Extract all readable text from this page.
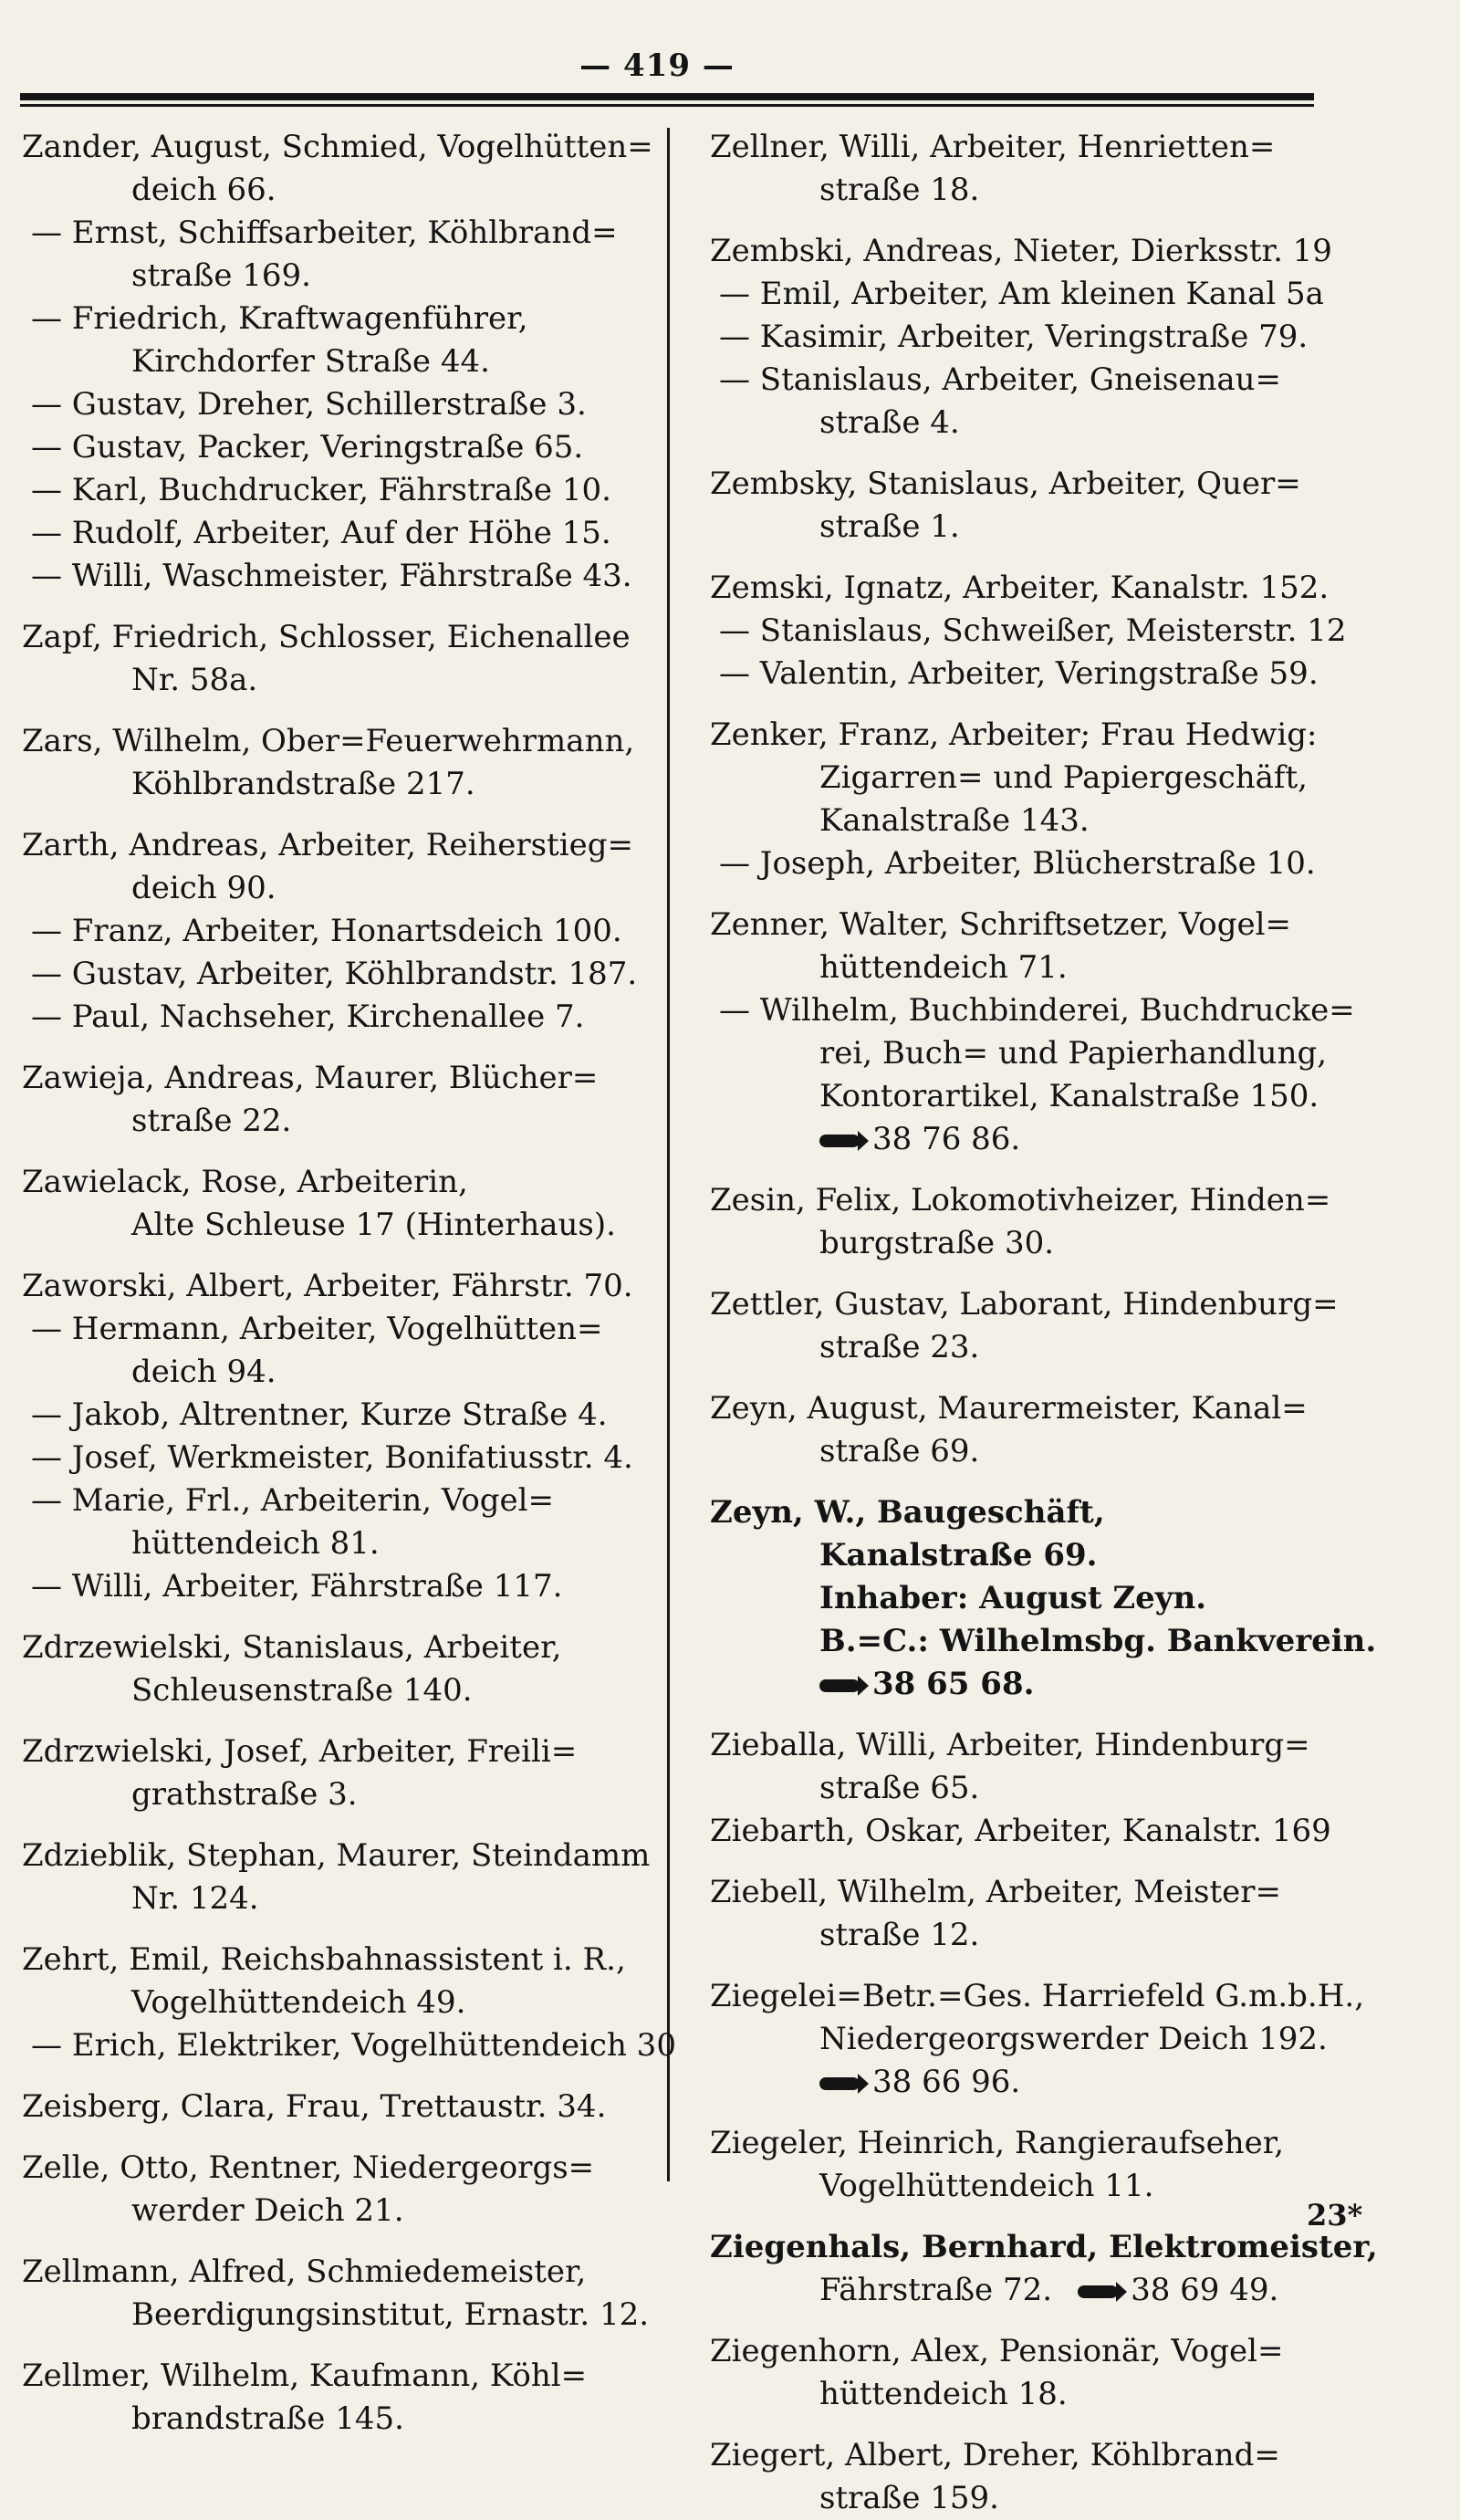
— 419 —
Zander, August, Schmied, Vogelhütten=
deich 66.
— Ernst, Schiffsarbeiter, Köhlbrand=
straße 169.
— Friedrich, Kraftwagenführer,
Kirchdorfer Straße 44.
— Gustav, Dreher, Schillerstraße 3.
— Gustav, Packer, Veringstraße 65.
— Karl, Buchdrucker, Fährstraße 10.
— Rudolf, Arbeiter, Auf der Höhe 15.
— Willi, Waschmeister, Fährstraße 43.
Zapf, Friedrich, Schlosser, Eichenallee
Nr. 58a.
Zars, Wilhelm, Ober=Feuerwehrmann,
Köhlbrandstraße 217.
Zarth, Andreas, Arbeiter, Reiherstieg=
deich 90.
— Franz, Arbeiter, Honartsdeich 100.
— Gustav, Arbeiter, Köhlbrandstr. 187.
— Paul, Nachseher, Kirchenallee 7.
Zawieja, Andreas, Maurer, Blücher=
straße 22.
Zawielack, Rose, Arbeiterin,
Alte Schleuse 17 (Hinterhaus).
Zaworski, Albert, Arbeiter, Fährstr. 70.
— Hermann, Arbeiter, Vogelhütten=
deich 94.
— Jakob, Altrentner, Kurze Straße 4.
— Josef, Werkmeister, Bonifatiusstr. 4.
— Marie, Frl., Arbeiterin, Vogel=
hüttendeich 81.
— Willi, Arbeiter, Fährstraße 117.
Zdrzewielski, Stanislaus, Arbeiter,
Schleusenstraße 140.
Zdrzwielski, Josef, Arbeiter, Freili=
grathstraße 3.
Zdzieblik, Stephan, Maurer, Steindamm
Nr. 124.
Zehrt, Emil, Reichsbahnassistent i. R.,
Vogelhüttendeich 49.
— Erich, Elektriker, Vogelhüttendeich 30
Zeisberg, Clara, Frau, Trettaustr. 34.
Zelle, Otto, Rentner, Niedergeorgs=
werder Deich 21.
Zellmann, Alfred, Schmiedemeister,
Beerdigungsinstitut, Ernastr. 12.
Zellmer, Wilhelm, Kaufmann, Köhl=
brandstraße 145.
Zellner, Willi, Arbeiter, Henrietten=
straße 18.
Zembski, Andreas, Nieter, Dierksstr. 19
— Emil, Arbeiter, Am kleinen Kanal 5a
— Kasimir, Arbeiter, Veringstraße 79.
— Stanislaus, Arbeiter, Gneisenau=
straße 4.
Zembsky, Stanislaus, Arbeiter, Quer=
straße 1.
Zemski, Ignatz, Arbeiter, Kanalstr. 152.
— Stanislaus, Schweißer, Meisterstr. 12
— Valentin, Arbeiter, Veringstraße 59.
Zenker, Franz, Arbeiter; Frau Hedwig:
Zigarren= und Papiergeschäft,
Kanalstraße 143.
— Joseph, Arbeiter, Blücherstraße 10.
Zenner, Walter, Schriftsetzer, Vogel=
hüttendeich 71.
— Wilhelm, Buchbinderei, Buchdrucke=
rei, Buch= und Papierhandlung,
Kontorartikel, Kanalstraße 150.
38 76 86.
Zesin, Felix, Lokomotivheizer, Hinden=
burgstraße 30.
Zettler, Gustav, Laborant, Hindenburg=
straße 23.
Zeyn, August, Maurermeister, Kanal=
straße 69.
Zeyn, W., Baugeschäft,
Kanalstraße 69.
Inhaber: August Zeyn.
B.=C.: Wilhelmsbg. Bankverein.
38 65 68.
Zieballa, Willi, Arbeiter, Hindenburg=
straße 65.
Ziebarth, Oskar, Arbeiter, Kanalstr. 169
Ziebell, Wilhelm, Arbeiter, Meister=
straße 12.
Ziegelei=Betr.=Ges. Harriefeld G.m.b.H.,
Niedergeorgswerder Deich 192.
38 66 96.
Ziegeler, Heinrich, Rangieraufseher,
Vogelhüttendeich 11.
Ziegenhals, Bernhard, Elektromeister,
Fährstraße 72.	38 69 49.
Ziegenhorn, Alex, Pensionär, Vogel=
hüttendeich 18.
Ziegert, Albert, Dreher, Köhlbrand=
straße 159.
23*
